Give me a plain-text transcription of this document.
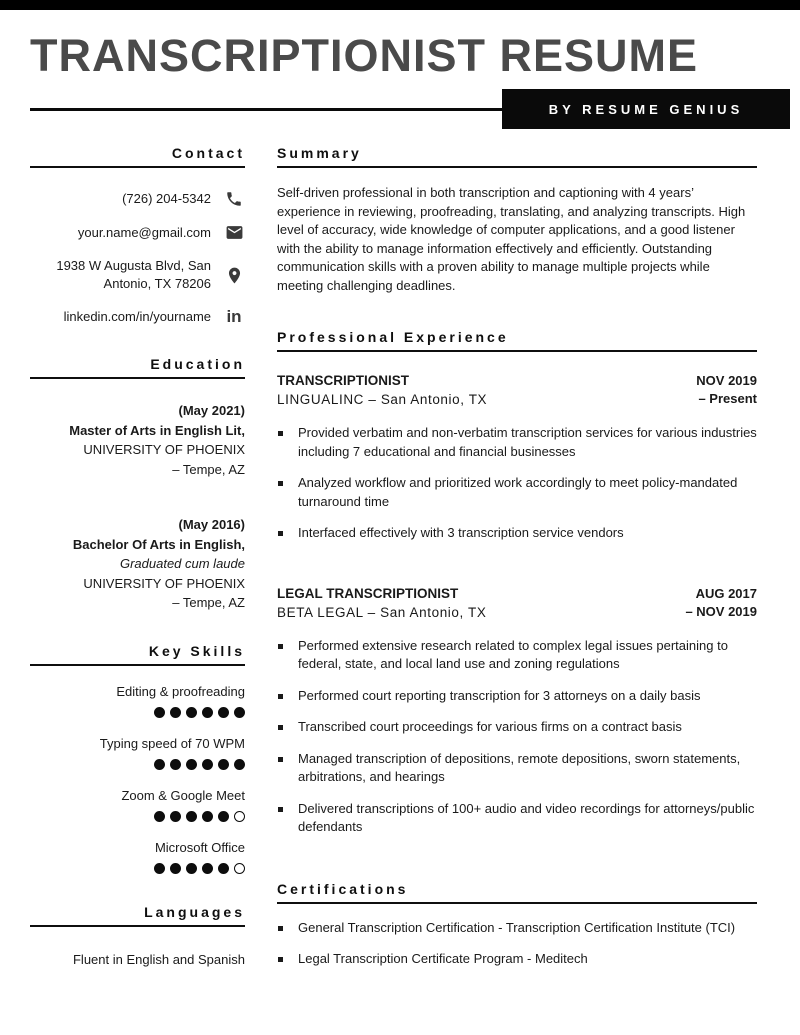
TRANSCRIPTIONIST RESUME
BY RESUME GENIUS
Contact
(726) 204-5342
your.name@gmail.com
1938 W Augusta Blvd, San Antonio, TX 78206
linkedin.com/in/yourname in
Education
(May 2021)
Master of Arts in English Lit,
UNIVERSITY OF PHOENIX
– Tempe, AZ
(May 2016)
Bachelor Of Arts in English,
Graduated cum laude
UNIVERSITY OF PHOENIX
– Tempe, AZ
Key Skills
Editing & proofreading
Typing speed of 70 WPM
Zoom & Google Meet
Microsoft Office
Languages
Fluent in English and Spanish
Summary

Self-driven professional in both transcription and captioning with 4 years’ experience in reviewing, proofreading, translating, and analyzing transcripts. High level of accuracy, wide knowledge of computer applications, and a good listener with the ability to manage information effectively and efficiently. Outstanding communication skills with a proven ability to manage multiple projects while meeting challenging deadlines.

Professional Experience
TRANSCRIPTIONIST
LINGUALINC – San Antonio, TX
NOV 2019
– Present
Provided verbatim and non-verbatim transcription services for various industries including 7 educational and financial businesses
Analyzed workflow and prioritized work accordingly to meet policy-mandated turnaround time
Interfaced effectively with 3 transcription service vendors
LEGAL TRANSCRIPTIONIST
BETA LEGAL – San Antonio, TX
AUG 2017
– NOV 2019
Performed extensive research related to complex legal issues pertaining to federal, state, and local land use and zoning regulations
Performed court reporting transcription for 3 attorneys on a daily basis
Transcribed court proceedings for various firms on a contract basis
Managed transcription of depositions, remote depositions, sworn statements, arbitrations, and hearings
Delivered transcriptions of 100+ audio and video recordings for attorneys/public defendants
Certifications
General Transcription Certification - Transcription Certification Institute (TCI)
Legal Transcription Certificate Program - Meditech
